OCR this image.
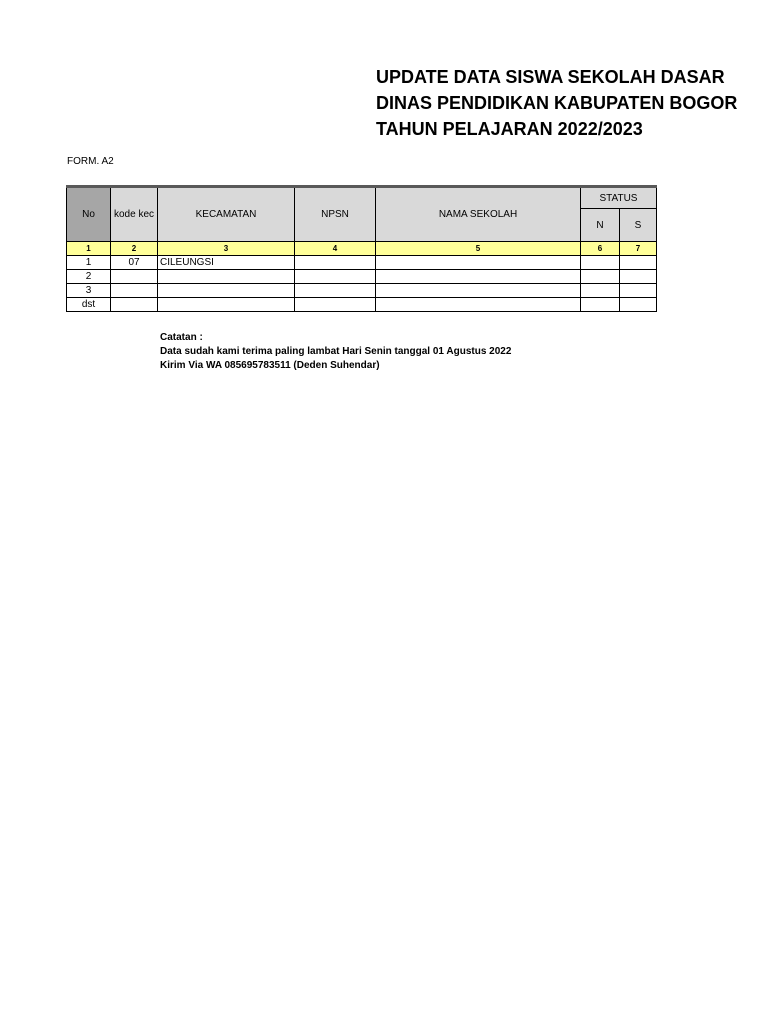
UPDATE DATA SISWA SEKOLAH DASAR
DINAS PENDIDIKAN KABUPATEN BOGOR
TAHUN PELAJARAN 2022/2023
FORM. A2
No	kode kec	KECAMATAN	NPSN	NAMA SEKOLAH	STATUS	
					N	S
1	2	3	4	5	6	7
1	07	CILEUNGSI				
2						
3						
dst						
Catatan :
Data sudah kami terima paling lambat Hari Senin tanggal 01 Agustus 2022
Kirim Via WA 085695783511 (Deden Suhendar)
